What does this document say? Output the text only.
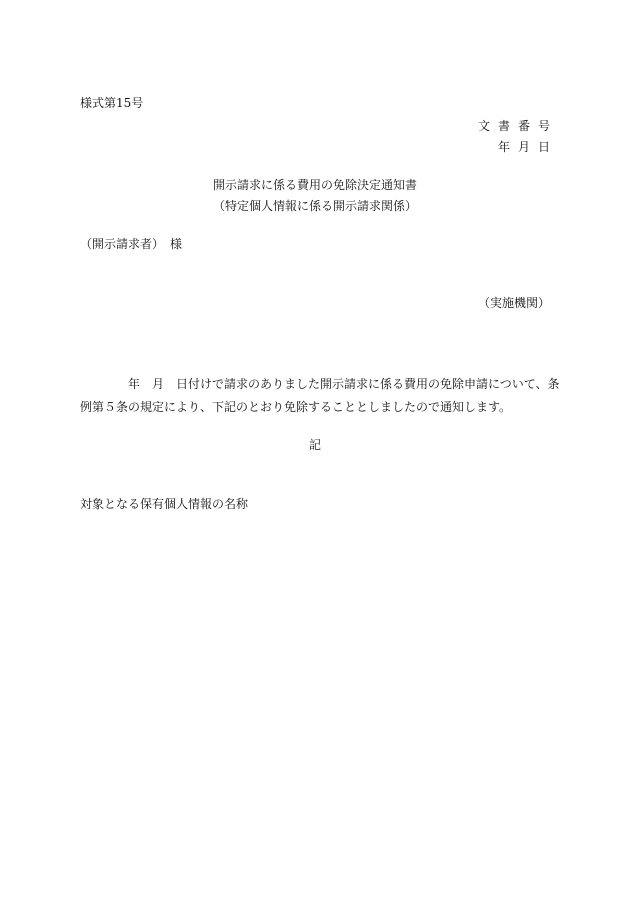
様式第15号
文書番号
年月日
開示請求に係る費用の免除決定通知書
（特定個人情報に係る開示請求関係）
（開示請求者）　様
（実施機関）
年　月　日付けで請求のありました開示請求に係る費用の免除申請について、条
例第５条の規定により、下記のとおり免除することとしましたので通知します。
記
対象となる保有個人情報の名称
